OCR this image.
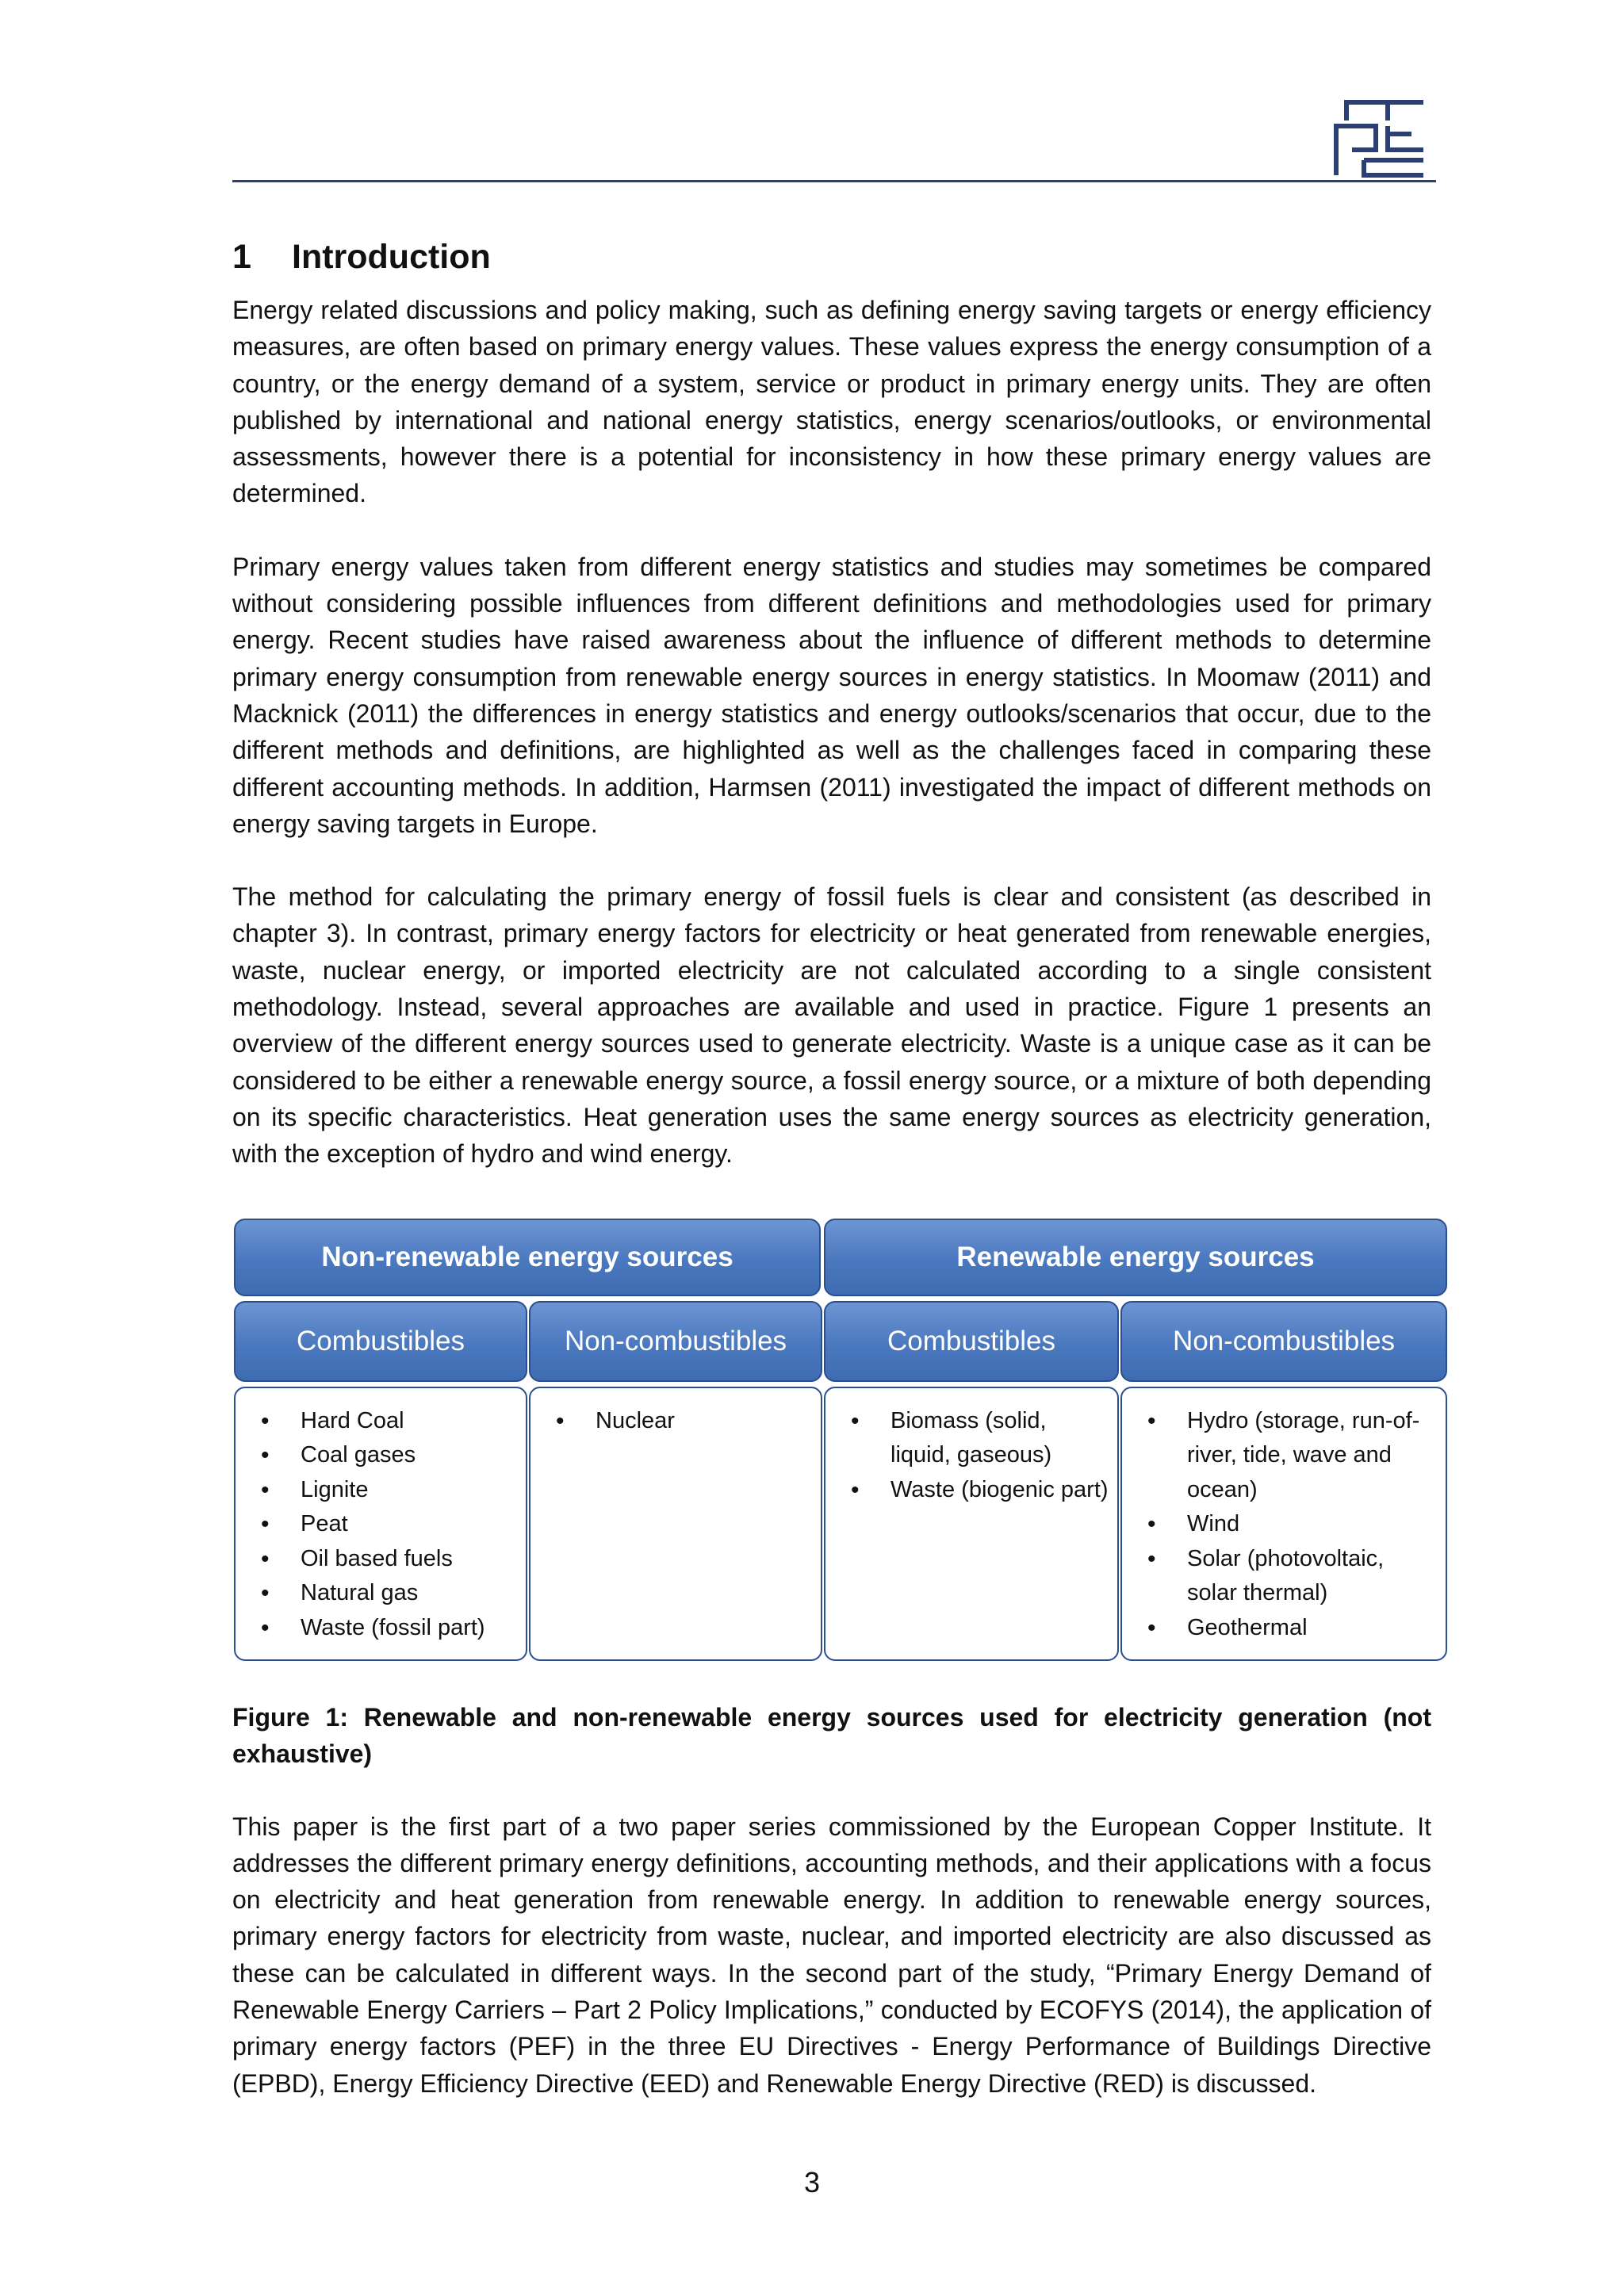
1 Introduction

Energy related discussions and policy making, such as defining energy saving targets or energy efficiency measures, are often based on primary energy values. These values express the energy consumption of a country, or the energy demand of a system, service or product in primary energy units. They are often published by international and national energy statistics, energy scenarios/outlooks, or environmental assessments, however there is a potential for inconsistency in how these primary energy values are determined.

Primary energy values taken from different energy statistics and studies may sometimes be compared without considering possible influences from different definitions and methodologies used for primary energy. Recent studies have raised awareness about the influence of different methods to determine primary energy consumption from renewable energy sources in energy statistics. In Moomaw (2011) and Macknick (2011) the differences in energy statistics and energy outlooks/scenarios that occur, due to the different methods and definitions, are highlighted as well as the challenges faced in comparing these different accounting methods. In addition, Harmsen (2011) investigated the impact of different methods on energy saving targets in Europe.

The method for calculating the primary energy of fossil fuels is clear and consistent (as described in chapter 3). In contrast, primary energy factors for electricity or heat generated from renewable energies, waste, nuclear energy, or imported electricity are not calculated according to a single consistent methodology. Instead, several approaches are available and used in practice. Figure 1 presents an overview of the different energy sources used to generate electricity. Waste is a unique case as it can be considered to be either a renewable energy source, a fossil energy source, or a mixture of both depending on its specific characteristics. Heat generation uses the same energy sources as electricity generation, with the exception of hydro and wind energy.

Non-renewable energy sources	Renewable energy sources
Combustibles	Non-combustibles	Combustibles	Non-combustibles
• Hard Coal
• Coal gases
• Lignite
• Peat
• Oil based fuels
• Natural gas
• Waste (fossil part)
• Nuclear
•	Biomass (solid, liquid, gaseous)
• Waste (biogenic part)
• Hydro (storage, run-of-river, tide, wave and ocean)
• Wind
• Solar (photovoltaic, solar thermal)
• Geothermal

Figure 1: Renewable and non-renewable energy sources used for electricity generation (not exhaustive)

This paper is the first part of a two paper series commissioned by the European Copper Institute. It addresses the different primary energy definitions, accounting methods, and their applications with a focus on electricity and heat generation from renewable energy. In addition to renewable energy sources, primary energy factors for electricity from waste, nuclear, and imported electricity are also discussed as these can be calculated in different ways. In the second part of the study, “Primary Energy Demand of Renewable Energy Carriers – Part 2 Policy Implications,” conducted by ECOFYS (2014), the application of primary energy factors (PEF) in the three EU Directives - Energy Performance of Buildings Directive (EPBD), Energy Efficiency Directive (EED) and Renewable Energy Directive (RED) is discussed.

3
